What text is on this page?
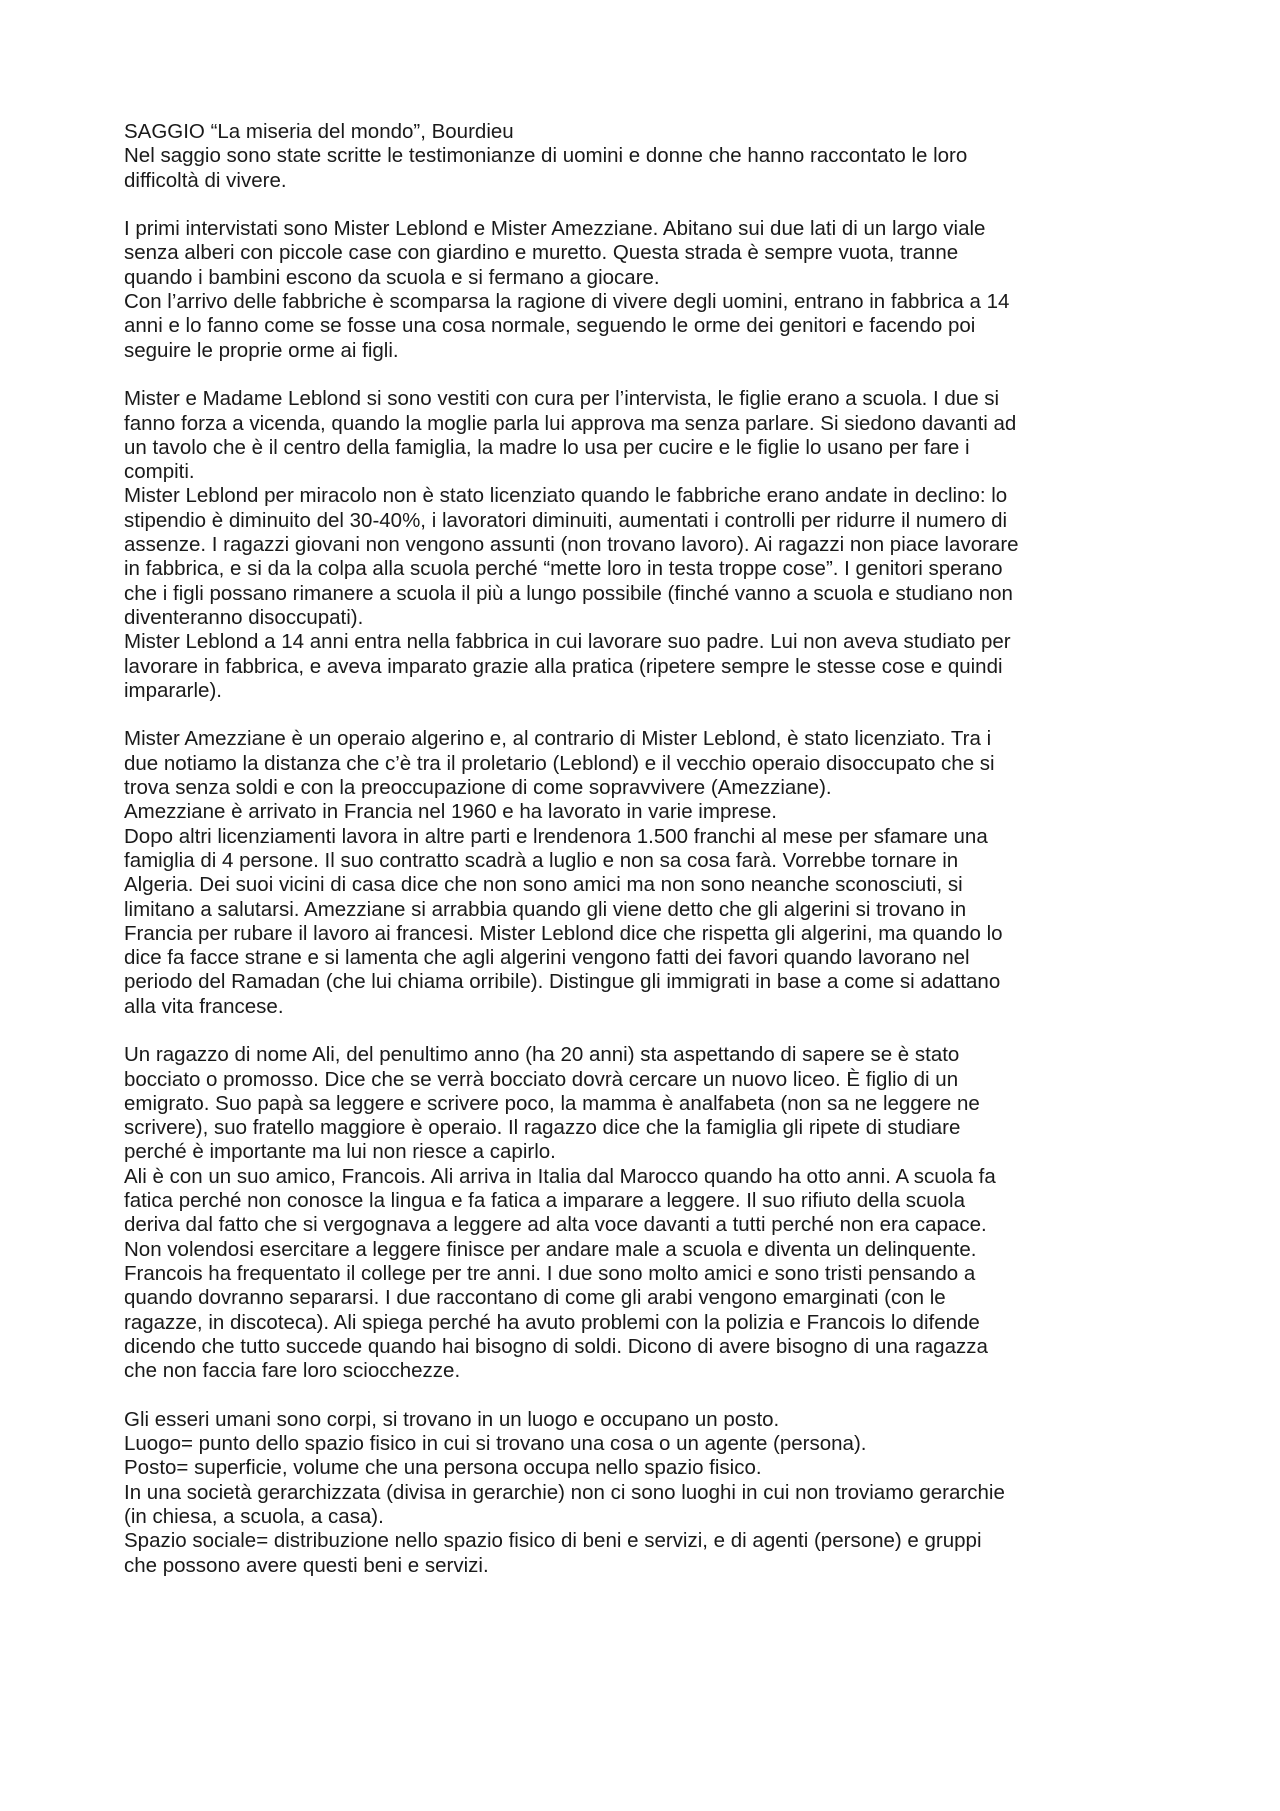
SAGGIO “La miseria del mondo”, Bourdieu

Nel saggio sono state scritte le testimonianze di uomini e donne che hanno raccontato le loro
difficoltà di vivere.

I primi intervistati sono Mister Leblond e Mister Amezziane. Abitano sui due lati di un largo viale
senza alberi con piccole case con giardino e muretto. Questa strada è sempre vuota, tranne
quando i bambini escono da scuola e si fermano a giocare.

Con l’arrivo delle fabbriche è scomparsa la ragione di vivere degli uomini, entrano in fabbrica a 14
anni e lo fanno come se fosse una cosa normale, seguendo le orme dei genitori e facendo poi
seguire le proprie orme ai figli.

Mister e Madame Leblond si sono vestiti con cura per l’intervista, le figlie erano a scuola. I due si
fanno forza a vicenda, quando la moglie parla lui approva ma senza parlare. Si siedono davanti ad
un tavolo che è il centro della famiglia, la madre lo usa per cucire e le figlie lo usano per fare i
compiti.

Mister Leblond per miracolo non è stato licenziato quando le fabbriche erano andate in declino: lo
stipendio è diminuito del 30-40%, i lavoratori diminuiti, aumentati i controlli per ridurre il numero di
assenze. I ragazzi giovani non vengono assunti (non trovano lavoro). Ai ragazzi non piace lavorare
in fabbrica, e si da la colpa alla scuola perché “mette loro in testa troppe cose”. I genitori sperano
che i figli possano rimanere a scuola il più a lungo possibile (finché vanno a scuola e studiano non
diventeranno disoccupati).

Mister Leblond a 14 anni entra nella fabbrica in cui lavorare suo padre. Lui non aveva studiato per
lavorare in fabbrica, e aveva imparato grazie alla pratica (ripetere sempre le stesse cose e quindi
impararle).

Mister Amezziane è un operaio algerino e, al contrario di Mister Leblond, è stato licenziato. Tra i
due notiamo la distanza che c’è tra il proletario (Leblond) e il vecchio operaio disoccupato che si
trova senza soldi e con la preoccupazione di come sopravvivere (Amezziane).

Amezziane è arrivato in Francia nel 1960 e ha lavorato in varie imprese.

Dopo altri licenziamenti lavora in altre parti e lrendenora 1.500 franchi al mese per sfamare una
famiglia di 4 persone. Il suo contratto scadrà a luglio e non sa cosa farà. Vorrebbe tornare in
Algeria. Dei suoi vicini di casa dice che non sono amici ma non sono neanche sconosciuti, si
limitano a salutarsi. Amezziane si arrabbia quando gli viene detto che gli algerini si trovano in
Francia per rubare il lavoro ai francesi. Mister Leblond dice che rispetta gli algerini, ma quando lo
dice fa facce strane e si lamenta che agli algerini vengono fatti dei favori quando lavorano nel
periodo del Ramadan (che lui chiama orribile). Distingue gli immigrati in base a come si adattano
alla vita francese.

Un ragazzo di nome Ali, del penultimo anno (ha 20 anni) sta aspettando di sapere se è stato
bocciato o promosso. Dice che se verrà bocciato dovrà cercare un nuovo liceo. È figlio di un
emigrato. Suo papà sa leggere e scrivere poco, la mamma è analfabeta (non sa ne leggere ne
scrivere), suo fratello maggiore è operaio. Il ragazzo dice che la famiglia gli ripete di studiare
perché è importante ma lui non riesce a capirlo.

Ali è con un suo amico, Francois. Ali arriva in Italia dal Marocco quando ha otto anni. A scuola fa
fatica perché non conosce la lingua e fa fatica a imparare a leggere. Il suo rifiuto della scuola
deriva dal fatto che si vergognava a leggere ad alta voce davanti a tutti perché non era capace.
Non volendosi esercitare a leggere finisce per andare male a scuola e diventa un delinquente.
Francois ha frequentato il college per tre anni. I due sono molto amici e sono tristi pensando a
quando dovranno separarsi. I due raccontano di come gli arabi vengono emarginati (con le
ragazze, in discoteca). Ali spiega perché ha avuto problemi con la polizia e Francois lo difende
dicendo che tutto succede quando hai bisogno di soldi. Dicono di avere bisogno di una ragazza
che non faccia fare loro sciocchezze.

Gli esseri umani sono corpi, si trovano in un luogo e occupano un posto.

Luogo= punto dello spazio fisico in cui si trovano una cosa o un agente (persona).

Posto= superficie, volume che una persona occupa nello spazio fisico.

In una società gerarchizzata (divisa in gerarchie) non ci sono luoghi in cui non troviamo gerarchie
(in chiesa, a scuola, a casa).

Spazio sociale= distribuzione nello spazio fisico di beni e servizi, e di agenti (persone) e gruppi
che possono avere questi beni e servizi.
